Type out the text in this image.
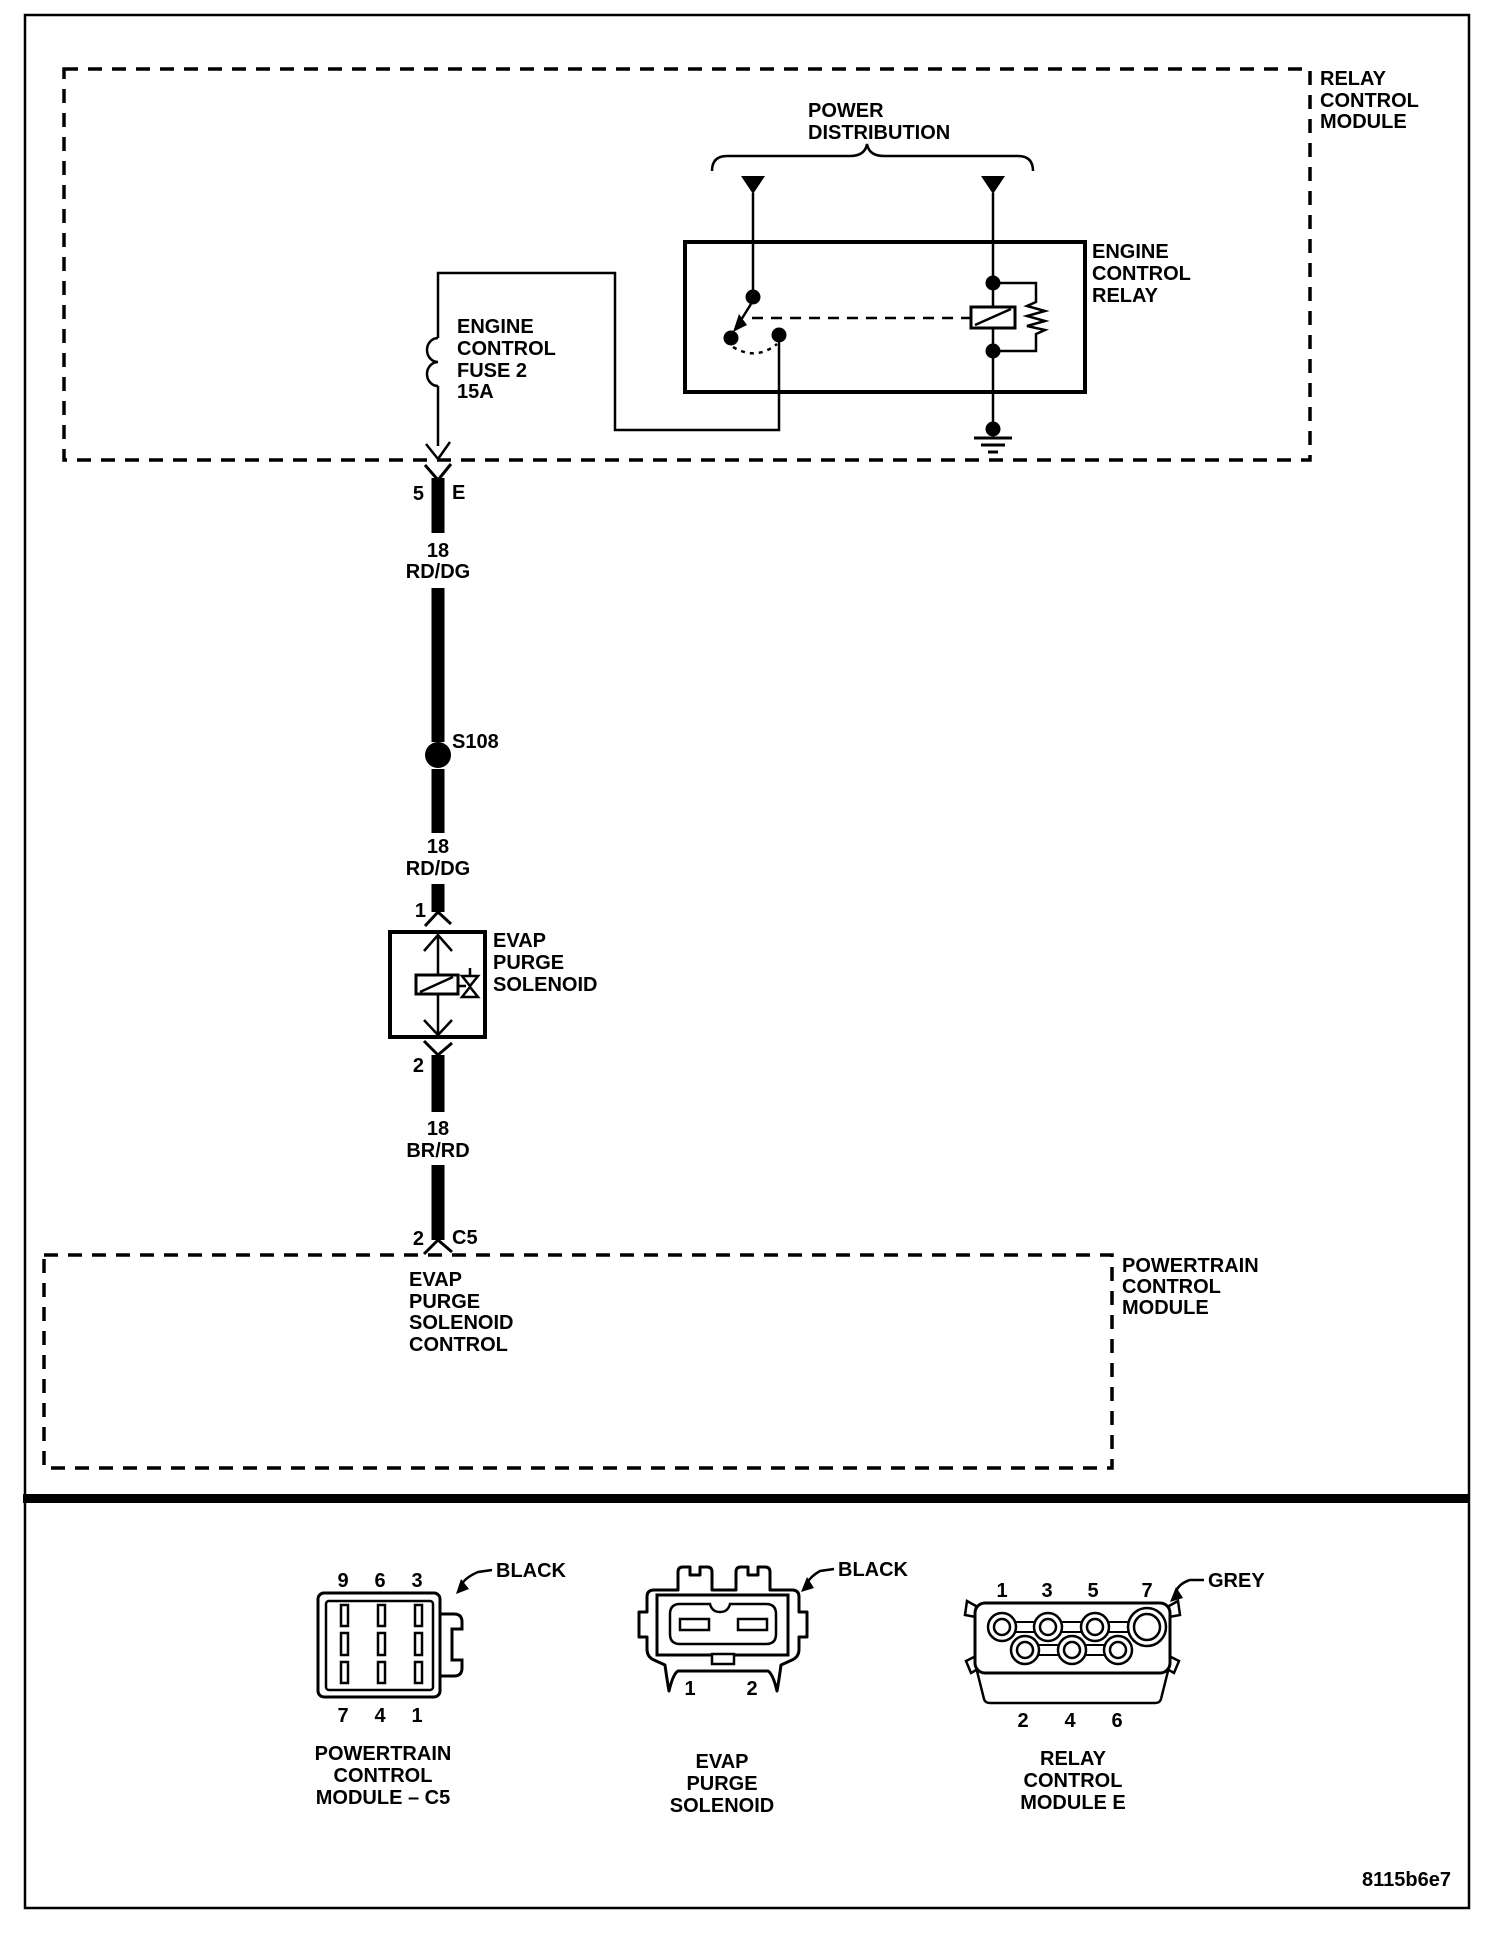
RELAY
CONTROL
MODULE
POWER
DISTRIBUTION
ENGINE
CONTROL
RELAY
ENGINE
CONTROL
FUSE 2
15A
5 E
18
RD/DG
S108
18
RD/DG
1
EVAP
PURGE
SOLENOID
2
18
BR/RD
2 C5
POWERTRAIN
CONTROL
MODULE
EVAP
PURGE
SOLENOID
CONTROL
9 6 3
7 4 1
BLACK
POWERTRAIN
CONTROL
MODULE – C5
1	2
BLACK
EVAP
PURGE
SOLENOID
1 3 5 7
2 4 6
GREY
RELAY
CONTROL
MODULE E
8115b6e7
